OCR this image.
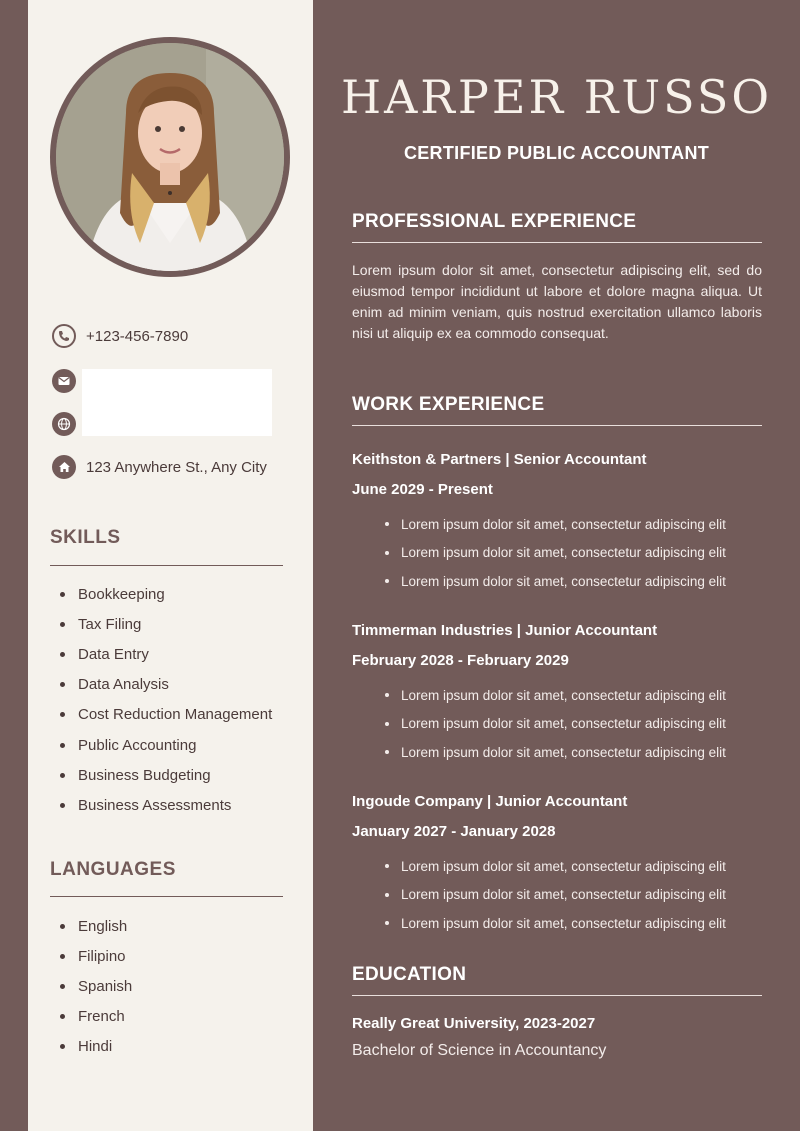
+123-456-7890
123 Anywhere St., Any City
SKILLS
Bookkeeping
Tax Filing
Data Entry
Data Analysis
Cost Reduction Management
Public Accounting
Business Budgeting
Business Assessments
LANGUAGES
English
Filipino
Spanish
French
Hindi
HARPER RUSSO
CERTIFIED PUBLIC ACCOUNTANT
PROFESSIONAL EXPERIENCE
Lorem ipsum dolor sit amet, consectetur adipiscing elit, sed do eiusmod tempor incididunt ut labore et dolore magna aliqua. Ut enim ad minim veniam, quis nostrud exercitation ullamco laboris nisi ut aliquip ex ea commodo consequat.
WORK EXPERIENCE
Keithston & Partners | Senior Accountant
June 2029 - Present
Lorem ipsum dolor sit amet, consectetur adipiscing elit
Lorem ipsum dolor sit amet, consectetur adipiscing elit
Lorem ipsum dolor sit amet, consectetur adipiscing elit
Timmerman Industries | Junior Accountant
February 2028 - February 2029
Lorem ipsum dolor sit amet, consectetur adipiscing elit
Lorem ipsum dolor sit amet, consectetur adipiscing elit
Lorem ipsum dolor sit amet, consectetur adipiscing elit
Ingoude Company | Junior Accountant
January 2027 - January 2028
Lorem ipsum dolor sit amet, consectetur adipiscing elit
Lorem ipsum dolor sit amet, consectetur adipiscing elit
Lorem ipsum dolor sit amet, consectetur adipiscing elit
EDUCATION
Really Great University, 2023-2027
Bachelor of Science in Accountancy
